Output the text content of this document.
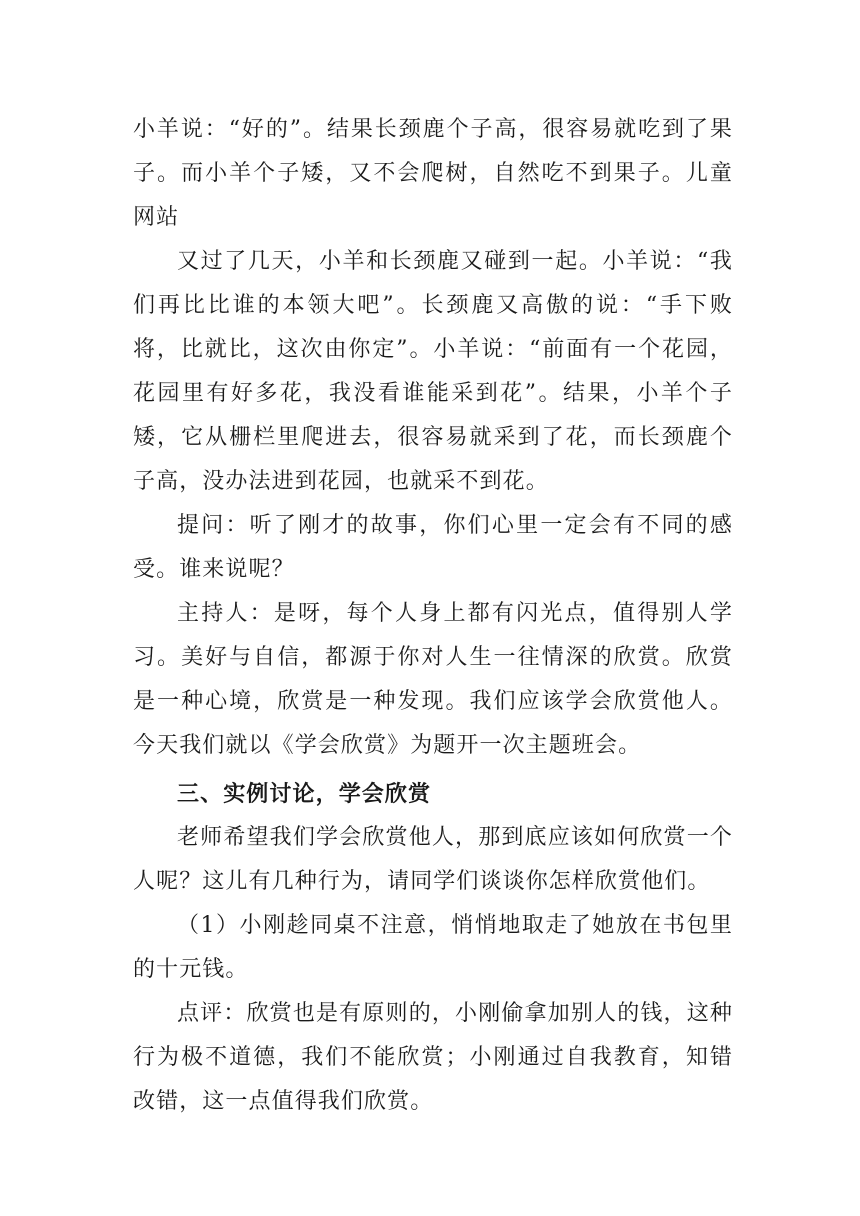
小羊说：“好的”。结果长颈鹿个子高，很容易就吃到了果子。而小羊个子矮，又不会爬树，自然吃不到果子。儿童网站

又过了几天，小羊和长颈鹿又碰到一起。小羊说：“我们再比比谁的本领大吧”。长颈鹿又高傲的说：“手下败将，比就比，这次由你定”。小羊说：“前面有一个花园，花园里有好多花，我没看谁能采到花”。结果，小羊个子矮，它从栅栏里爬进去，很容易就采到了花，而长颈鹿个子高，没办法进到花园，也就采不到花。

提问：听了刚才的故事，你们心里一定会有不同的感受。谁来说呢？

主持人：是呀，每个人身上都有闪光点，值得别人学习。美好与自信，都源于你对人生一往情深的欣赏。欣赏是一种心境，欣赏是一种发现。我们应该学会欣赏他人。今天我们就以《学会欣赏》为题开一次主题班会。

三、实例讨论，学会欣赏

老师希望我们学会欣赏他人，那到底应该如何欣赏一个人呢？这儿有几种行为，请同学们谈谈你怎样欣赏他们。

（1）小刚趁同桌不注意，悄悄地取走了她放在书包里的十元钱。

点评：欣赏也是有原则的，小刚偷拿加别人的钱，这种行为极不道德，我们不能欣赏；小刚通过自我教育，知错改错，这一点值得我们欣赏。
